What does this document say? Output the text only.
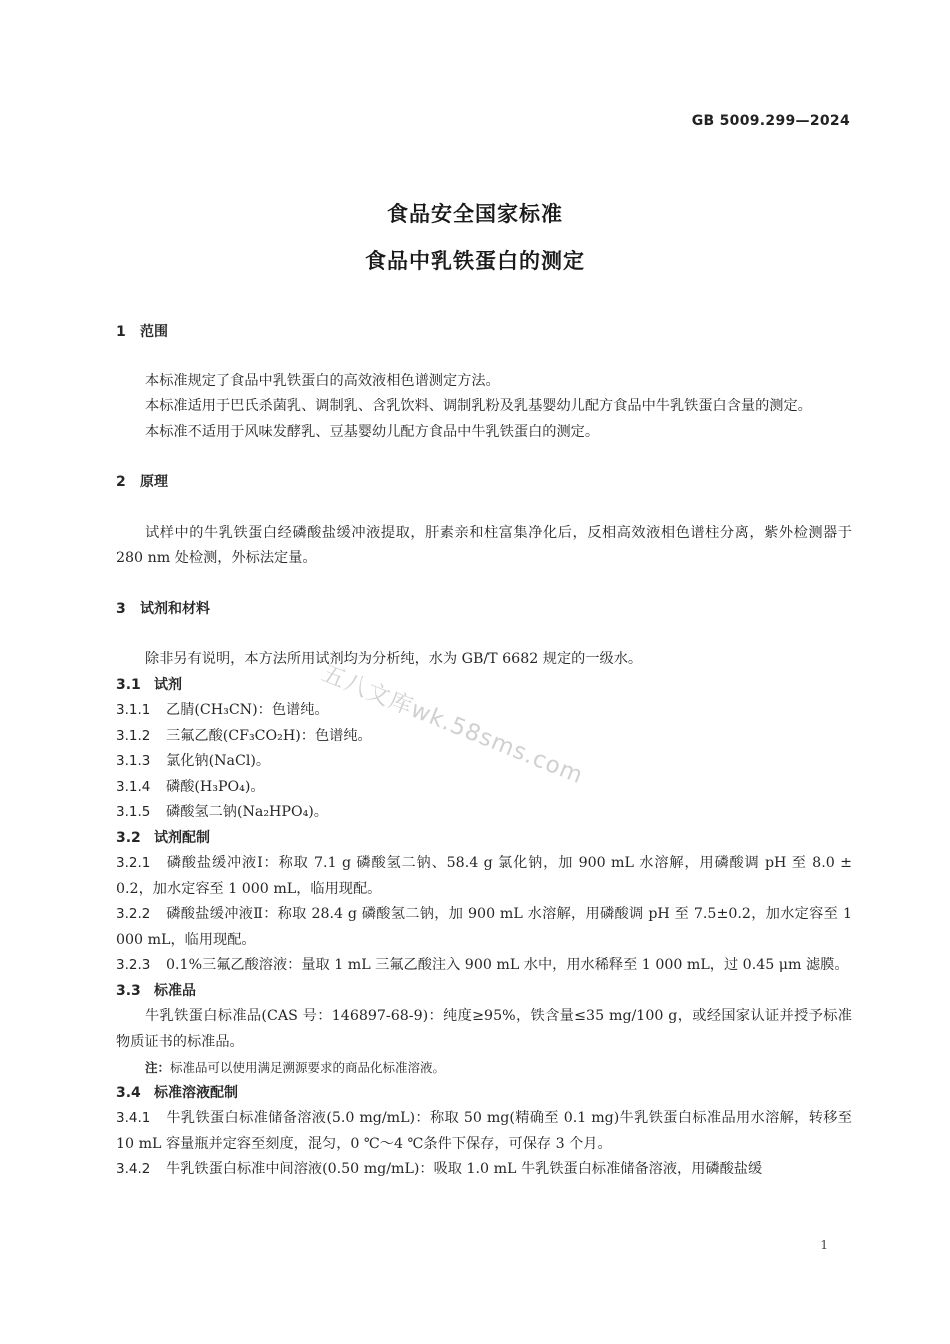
GB 5009.299—2024
食品安全国家标准
食品中乳铁蛋白的测定

1 范围

本标准规定了食品中乳铁蛋白的高效液相色谱测定方法。

本标准适用于巴氏杀菌乳、调制乳、含乳饮料、调制乳粉及乳基婴幼儿配方食品中牛乳铁蛋白含量的测定。

本标准不适用于风味发酵乳、豆基婴幼儿配方食品中牛乳铁蛋白的测定。

2 原理

试样中的牛乳铁蛋白经磷酸盐缓冲液提取，肝素亲和柱富集净化后，反相高效液相色谱柱分离，紫外检测器于 280 nm 处检测，外标法定量。

3 试剂和材料

除非另有说明，本方法所用试剂均为分析纯，水为 GB/T 6682 规定的一级水。

3.1 试剂

3.1.1 乙腈(CH₃CN)：色谱纯。

3.1.2 三氟乙酸(CF₃CO₂H)：色谱纯。

3.1.3 氯化钠(NaCl)。

3.1.4 磷酸(H₃PO₄)。

3.1.5 磷酸氢二钠(Na₂HPO₄)。

3.2 试剂配制

3.2.1 磷酸盐缓冲液Ⅰ：称取 7.1 g 磷酸氢二钠、58.4 g 氯化钠，加 900 mL 水溶解，用磷酸调 pH 至 8.0 ± 0.2，加水定容至 1 000 mL，临用现配。

3.2.2 磷酸盐缓冲液Ⅱ：称取 28.4 g 磷酸氢二钠，加 900 mL 水溶解，用磷酸调 pH 至 7.5±0.2，加水定容至 1 000 mL，临用现配。

3.2.3 0.1%三氟乙酸溶液：量取 1 mL 三氟乙酸注入 900 mL 水中，用水稀释至 1 000 mL，过 0.45 μm 滤膜。

3.3 标准品

牛乳铁蛋白标准品(CAS 号：146897-68-9)：纯度≥95%，铁含量≤35 mg/100 g，或经国家认证并授予标准物质证书的标准品。

注：标准品可以使用满足溯源要求的商品化标准溶液。

3.4 标准溶液配制

3.4.1 牛乳铁蛋白标准储备溶液(5.0 mg/mL)：称取 50 mg(精确至 0.1 mg)牛乳铁蛋白标准品用水溶解，转移至 10 mL 容量瓶并定容至刻度，混匀，0 ℃～4 ℃条件下保存，可保存 3 个月。

3.4.2 牛乳铁蛋白标准中间溶液(0.50 mg/mL)：吸取 1.0 mL 牛乳铁蛋白标准储备溶液，用磷酸盐缓

五八文库wk.58sms.com
1
